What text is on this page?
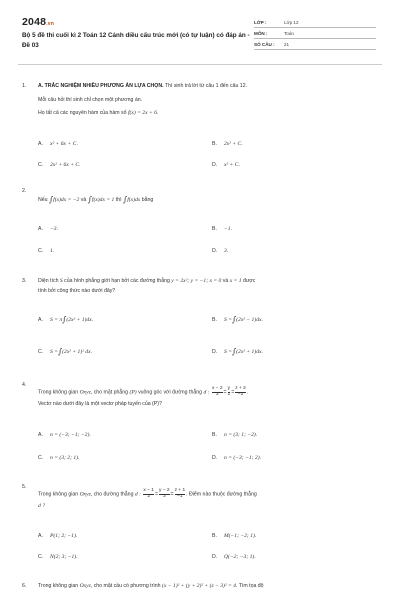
2048.vn
Bộ 5 đề thi cuối kì 2 Toán 12 Cánh diều cấu trúc mới (có tự luận) có đáp án - Đề 03
LỚP :	Lớp 12
MÔN :	Toán
SỐ CÂU :	21
1. A. TRẮC NGHIỆM NHIỀU PHƯƠNG ÁN LỰA CHỌN. Thí sinh trả lời từ câu 1 đến câu 12.
Mỗi câu hỏi thí sinh chỉ chọn một phương án.
Họ tất cả các nguyên hàm của hàm số f(x) = 2x + 6.
A. x² + 6x + C.	B. 2x² + C.
C. 2x² + 6x + C.	D. x² + C.
2.
Nếu ∫f(x)dx = −2 và ∫f(x)dx = 1 thì ∫f(x)dx bằng
A. −3.	B. −1.
C. 1.	D. 3.
3. Diện tích S của hình phẳng giới hạn bởi các đường thẳng y = 2x²; y = −1; x = 0 và x = 1 được
tính bởi công thức nào dưới đây?
A. S = π∫(2x² + 1)dx.	B. S =∫(2x² − 1)dx.
C. S =∫(2x² + 1)² dx.	D. S =∫(2x² + 1)dx.
4.
Trong không gian Oxyz, cho mặt phẳng (P) vuông góc với đường thẳng d : $\frac{x - 2}{3} = \frac{y}{1} = \frac{z + 2}{-2}$ .
Vectơ nào dưới đây là một vectơ pháp tuyến của (P)?
A. n = (−3; −1; −2).	B. n = (3; 1; −2).
C. n = (3; 2; 1).	D. n = (−3; −1; 2).
5.
Trong không gian Oxyz, cho đường thẳng d : $\frac{x - 1}{2} = \frac{y - 2}{3} = \frac{z + 1}{-1}$ . Điểm nào thuộc đường thẳng
d ?
A. P(1; 2; −1).	B. M(−1; −2; 1).
C. N(2; 3; −1).	D. Q(−2; −3; 1).
6. Trong không gian Oxyz, cho mặt cầu có phương trình (x − 1)² + (y + 2)² + (z − 3)² = 4. Tìm tọa độ
